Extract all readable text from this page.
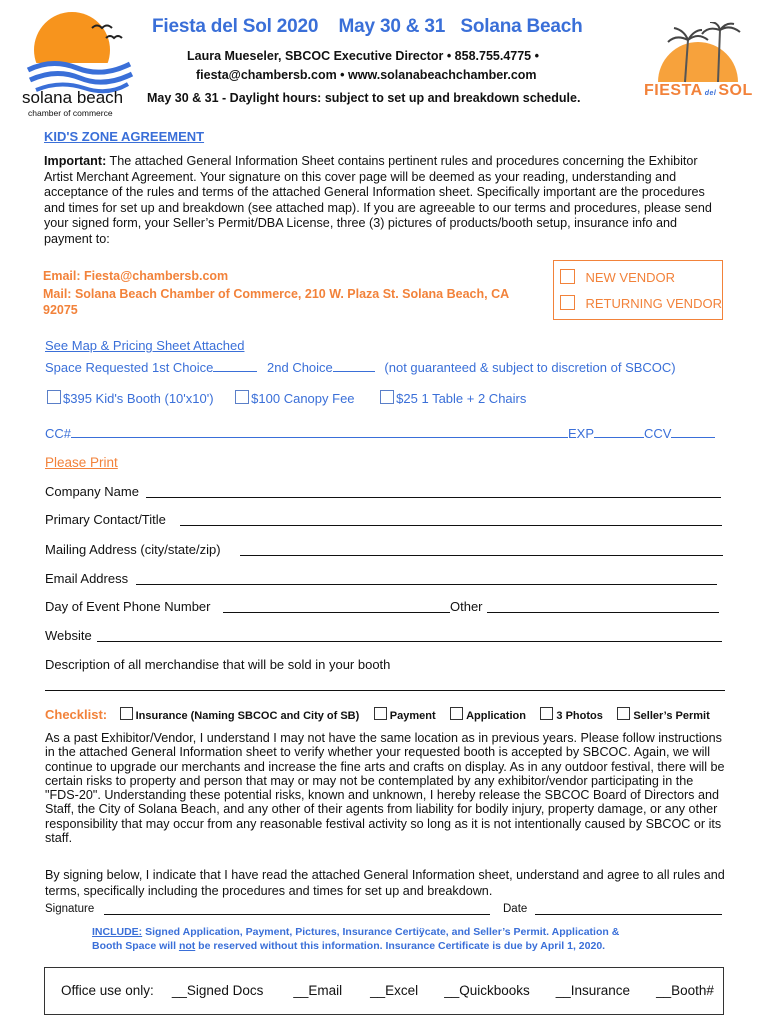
solana beach
chamber of commerce
Fiesta del Sol 2020    May 30 & 31   Solana Beach
Laura Mueseler, SBCOC Executive Director • 858.755.4775 •
fiesta@chambersb.com • www.solanabeachchamber.com
May 30 & 31 - Daylight hours: subject to set up and breakdown schedule.	FIESTA del SOL
KID'S ZONE AGREEMENT
Important: The attached General Information Sheet contains pertinent rules and procedures concerning the Exhibitor Artist Merchant Agreement. Your signature on this cover page will be deemed as your reading, understanding and acceptance of the rules and terms of the attached General Information sheet. Specifically important are the procedures and times for set up and breakdown (see attached map). If you are agreeable to our terms and procedures, please send your signed form, your Seller’s Permit/DBA License, three (3) pictures of products/booth setup, insurance info and payment to:
Email: Fiesta@chambersb.com
Mail: Solana Beach Chamber of Commerce, 210 W. Plaza St. Solana Beach, CA
92075
NEW VENDOR
RETURNING VENDOR
See Map & Pricing Sheet Attached
Space Requested 1st Choice	2nd Choice	(not guaranteed & subject to discretion of SBCOC)
$395 Kid's Booth (10'x10')	$100 Canopy Fee	$25 1 Table + 2 Chairs
CC#	EXP	CCV
Please Print
Company Name
Primary Contact/Title
Mailing Address (city/state/zip)
Email Address
Day of Event Phone Number	Other
Website
Description of all merchandise that will be sold in your booth
Checklist:	Insurance (Naming SBCOC and City of SB)	Payment	Application	3 Photos	Seller’s Permit
As a past Exhibitor/Vendor, I understand I may not have the same location as in previous years. Please follow instructions in the attached General Information sheet to verify whether your requested booth is accepted by SBCOC. Again, we will continue to upgrade our merchants and increase the fine arts and crafts on display. As in any outdoor festival, there will be certain risks to property and person that may or may not be contemplated by any exhibitor/vendor participating in the "FDS-20". Understanding these potential risks, known and unknown, I hereby release the SBCOC Board of Directors and Staff, the City of Solana Beach, and any other of their agents from liability for bodily injury, property damage, or any other responsibility that may occur from any reasonable festival activity so long as it is not intentionally caused by SBCOC or its staff.
By signing below, I indicate that I have read the attached General Information sheet, understand and agree to all rules and terms, specifically including the procedures and times for set up and breakdown.
Signature	Date
INCLUDE: Signed Application, Payment, Pictures, Insurance Certiÿcate, and Seller’s Permit. Application &
Booth Space will not be reserved without this information. Insurance Certificate is due by April 1, 2020.
Office use only: __Signed Docs __Email __Excel __Quickbooks __Insurance __Booth#
